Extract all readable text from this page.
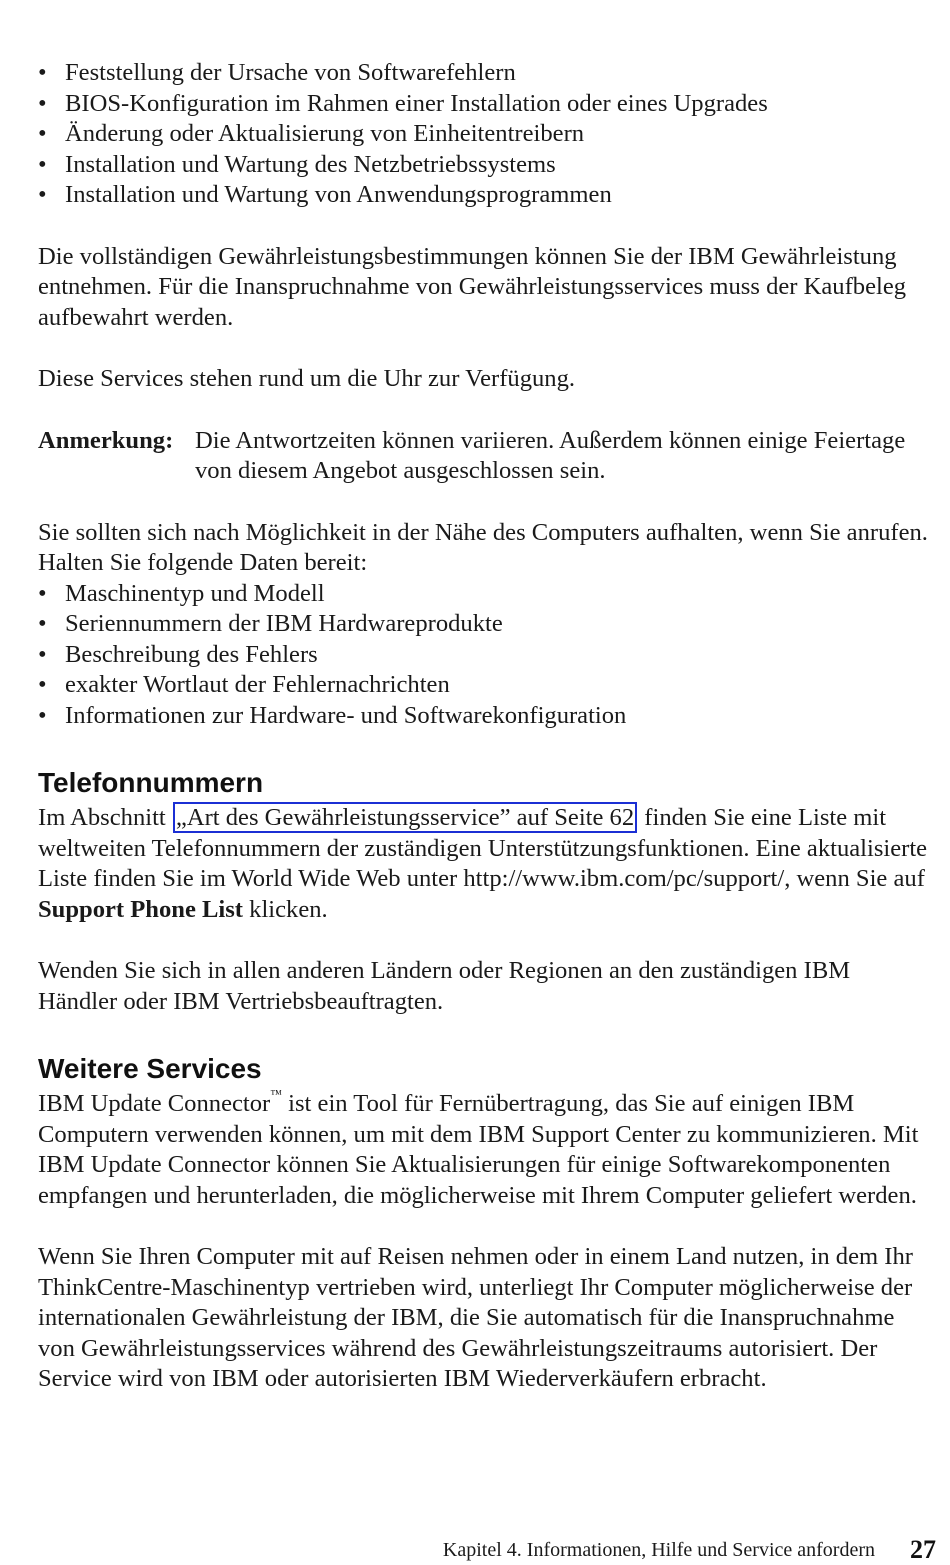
• Feststellung der Ursache von Softwarefehlern
• BIOS-Konfiguration im Rahmen einer Installation oder eines Upgrades
• Änderung oder Aktualisierung von Einheitentreibern
• Installation und Wartung des Netzbetriebssystems
• Installation und Wartung von Anwendungsprogrammen

Die vollständigen Gewährleistungsbestimmungen können Sie der IBM Gewährleistung entnehmen. Für die Inanspruchnahme von Gewährleistungsservices muss der Kaufbeleg aufbewahrt werden.

Diese Services stehen rund um die Uhr zur Verfügung.

Anmerkung: Die Antwortzeiten können variieren. Außerdem können einige Feiertage von diesem Angebot ausgeschlossen sein.

Sie sollten sich nach Möglichkeit in der Nähe des Computers aufhalten, wenn Sie anrufen. Halten Sie folgende Daten bereit:

• Maschinentyp und Modell
• Seriennummern der IBM Hardwareprodukte
• Beschreibung des Fehlers
• exakter Wortlaut der Fehlernachrichten
• Informationen zur Hardware- und Softwarekonfiguration
Telefonnummern

Im Abschnitt „Art des Gewährleistungsservice” auf Seite 62 finden Sie eine Liste mit weltweiten Telefonnummern der zuständigen Unterstützungsfunktionen. Eine aktualisierte Liste finden Sie im World Wide Web unter http://www.ibm.com/pc/support/, wenn Sie auf Support Phone List klicken.

Wenden Sie sich in allen anderen Ländern oder Regionen an den zuständigen IBM Händler oder IBM Vertriebsbeauftragten.

Weitere Services

IBM Update Connector™ ist ein Tool für Fernübertragung, das Sie auf einigen IBM Computern verwenden können, um mit dem IBM Support Center zu kommunizieren. Mit IBM Update Connector können Sie Aktualisierungen für einige Softwarekomponenten empfangen und herunterladen, die möglicherweise mit Ihrem Computer geliefert werden.

Wenn Sie Ihren Computer mit auf Reisen nehmen oder in einem Land nutzen, in dem Ihr ThinkCentre-Maschinentyp vertrieben wird, unterliegt Ihr Computer möglicherweise der internationalen Gewährleistung der IBM, die Sie automatisch für die Inanspruchnahme von Gewährleistungsservices während des Gewährleistungszeitraums autorisiert. Der Service wird von IBM oder autorisierten IBM Wiederverkäufern erbracht.

Kapitel 4. Informationen, Hilfe und Service anfordern 27
